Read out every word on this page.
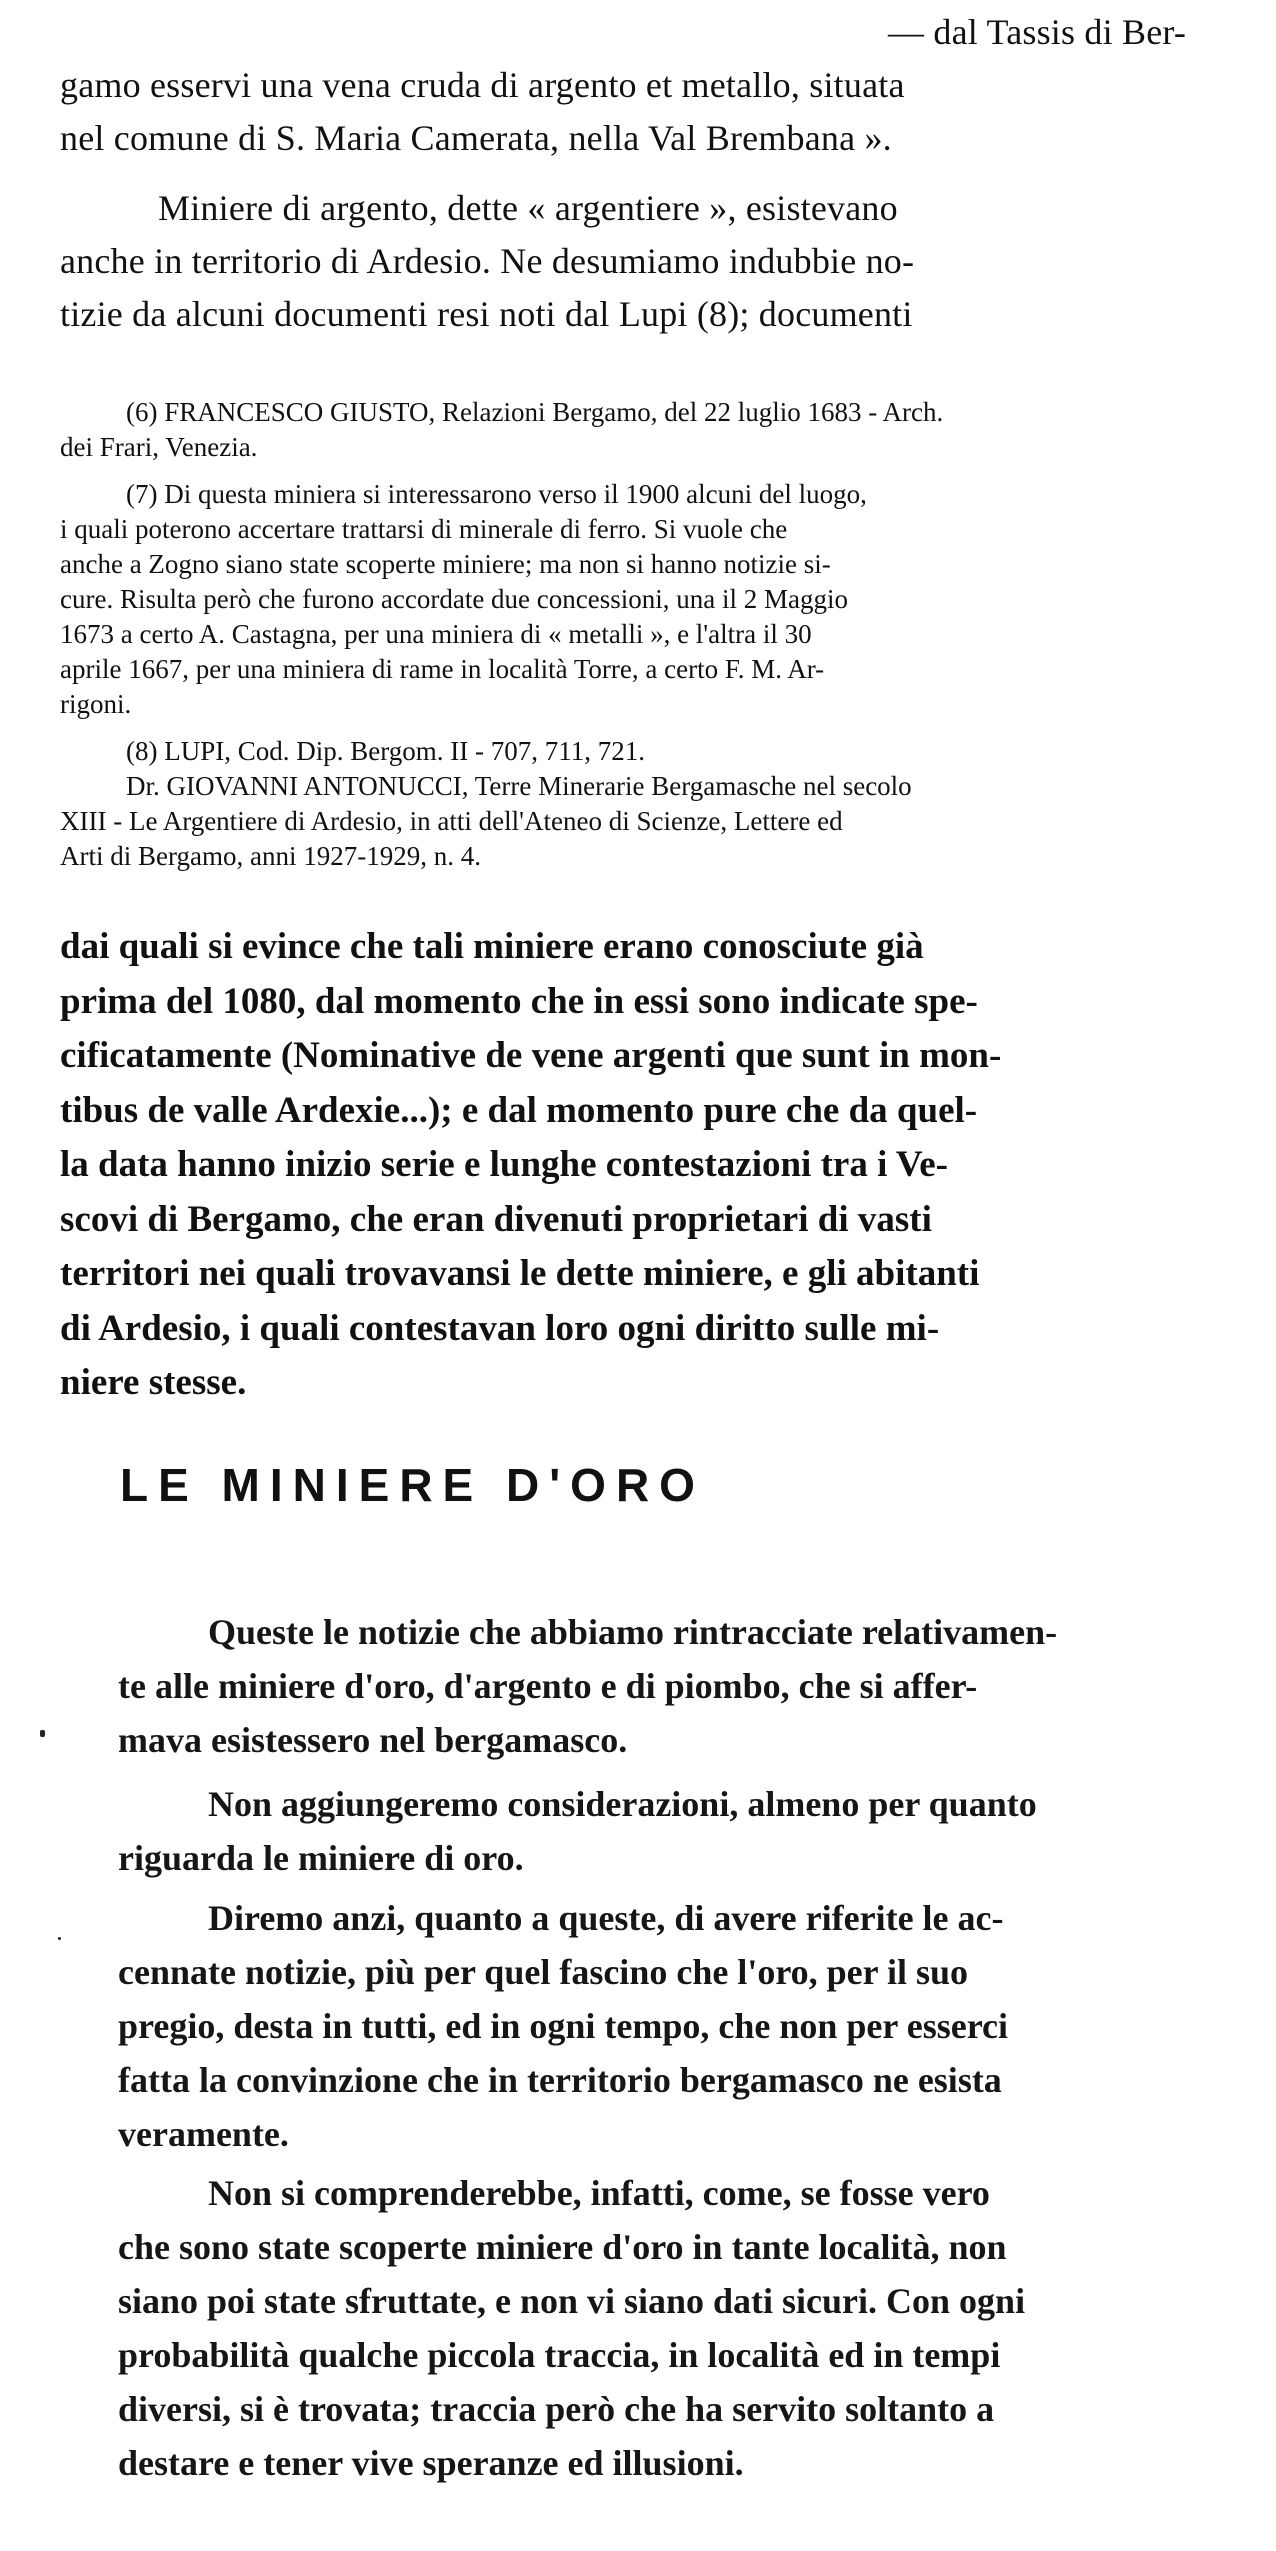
— dal Tassis di Ber-
gamo esservi una vena cruda di argento et metallo, situata
nel comune di S. Maria Camerata, nella Val Brembana ».
Miniere di argento, dette « argentiere », esistevano
anche in territorio di Ardesio. Ne desumiamo indubbie no-
tizie da alcuni documenti resi noti dal Lupi (8); documenti
(6) FRANCESCO GIUSTO, Relazioni Bergamo, del 22 luglio 1683 - Arch.
dei Frari, Venezia.
(7) Di questa miniera si interessarono verso il 1900 alcuni del luogo,
i quali poterono accertare trattarsi di minerale di ferro. Si vuole che
anche a Zogno siano state scoperte miniere; ma non si hanno notizie si-
cure. Risulta però che furono accordate due concessioni, una il 2 Maggio
1673 a certo A. Castagna, per una miniera di « metalli », e l'altra il 30
aprile 1667, per una miniera di rame in località Torre, a certo F. M. Ar-
rigoni.
(8) LUPI, Cod. Dip. Bergom. II - 707, 711, 721.
Dr. GIOVANNI ANTONUCCI, Terre Minerarie Bergamasche nel secolo
XIII - Le Argentiere di Ardesio, in atti dell'Ateneo di Scienze, Lettere ed
Arti di Bergamo, anni 1927-1929, n. 4.
dai quali si evince che tali miniere erano conosciute già
prima del 1080, dal momento che in essi sono indicate spe-
cificatamente (Nominative de vene argenti que sunt in mon-
tibus de valle Ardexie...); e dal momento pure che da quel-
la data hanno inizio serie e lunghe contestazioni tra i Ve-
scovi di Bergamo, che eran divenuti proprietari di vasti
territori nei quali trovavansi le dette miniere, e gli abitanti
di Ardesio, i quali contestavan loro ogni diritto sulle mi-
niere stesse.
LE MINIERE D'ORO
Queste le notizie che abbiamo rintracciate relativamen-
te alle miniere d'oro, d'argento e di piombo, che si affer-
mava esistessero nel bergamasco.
Non aggiungeremo considerazioni, almeno per quanto
riguarda le miniere di oro.
Diremo anzi, quanto a queste, di avere riferite le ac-
cennate notizie, più per quel fascino che l'oro, per il suo
pregio, desta in tutti, ed in ogni tempo, che non per esserci
fatta la convinzione che in territorio bergamasco ne esista
veramente.
Non si comprenderebbe, infatti, come, se fosse vero
che sono state scoperte miniere d'oro in tante località, non
siano poi state sfruttate, e non vi siano dati sicuri. Con ogni
probabilità qualche piccola traccia, in località ed in tempi
diversi, si è trovata; traccia però che ha servito soltanto a
destare e tener vive speranze ed illusioni.
